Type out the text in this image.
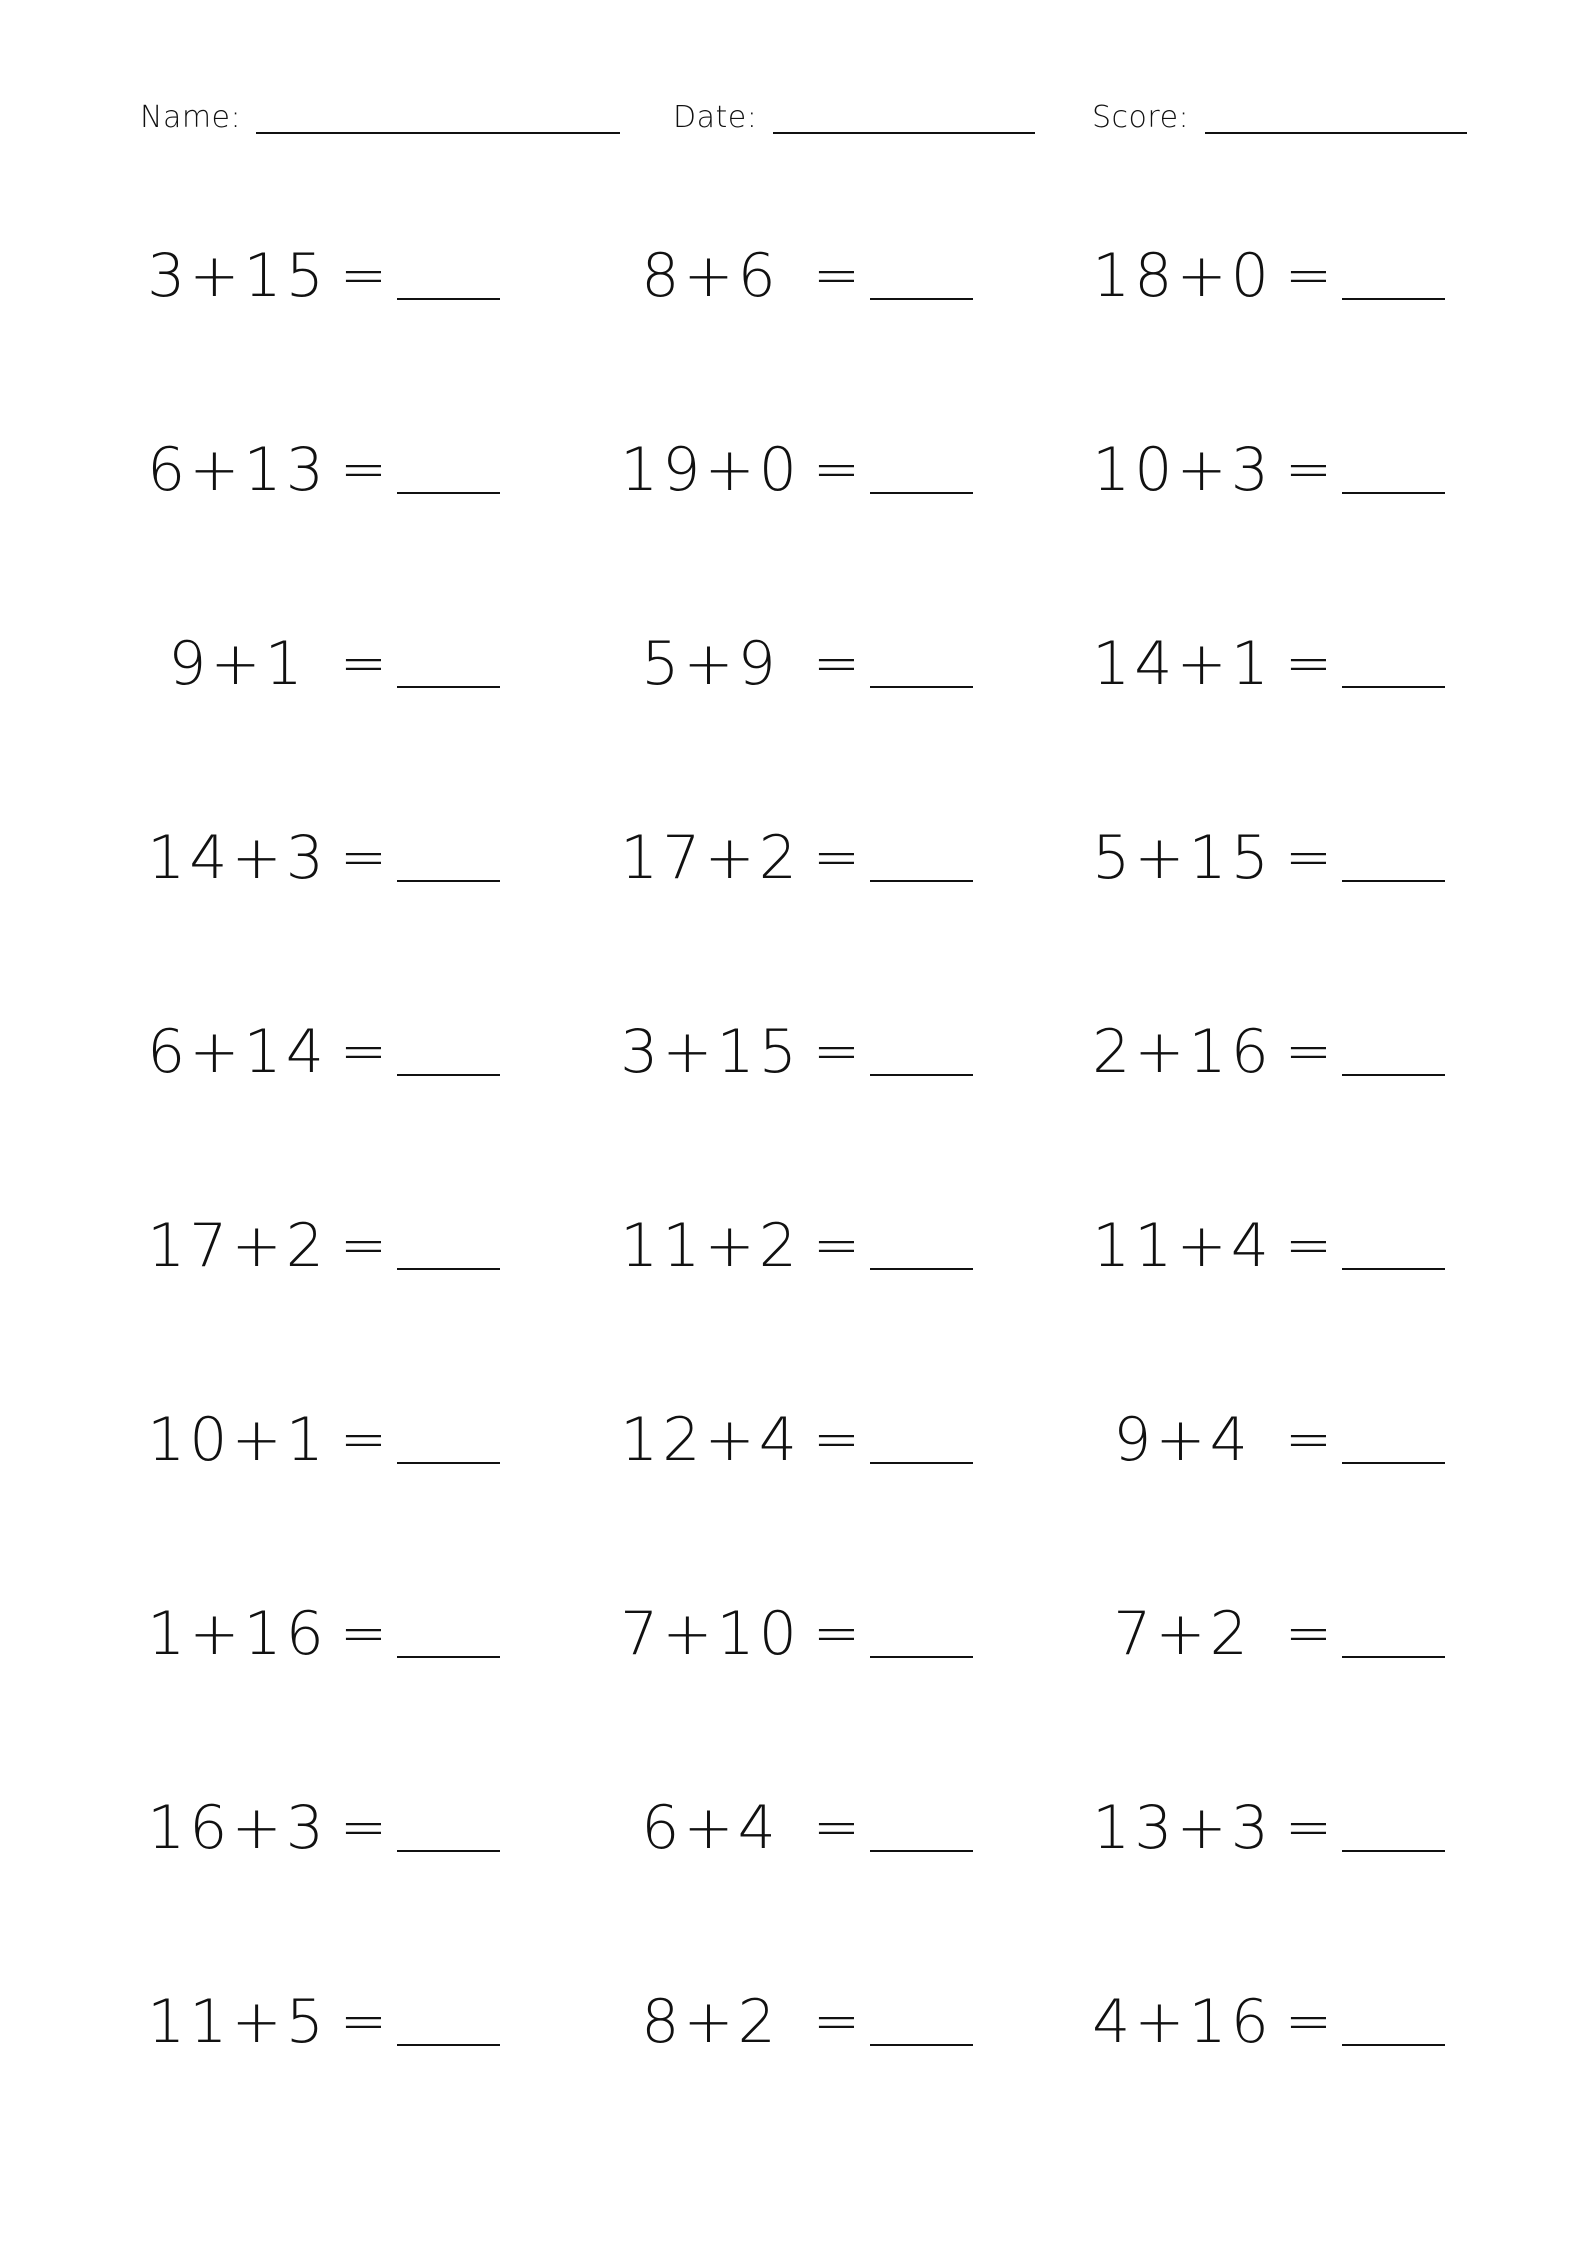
Name:	Date:	Score:
3+15 =	8+6 =	18+0 =
6+13 =	19+0 =	10+3 =
9+1 =	5+9 =	14+1 =
14+3 =	17+2 =	5+15 =
6+14 =	3+15 =	2+16 =
17+2 =	11+2 =	11+4 =
10+1 =	12+4 =	9+4 =
1+16 =	7+10 =	7+2 =
16+3 =	6+4 =	13+3 =
11+5 =	8+2 =	4+16 =
